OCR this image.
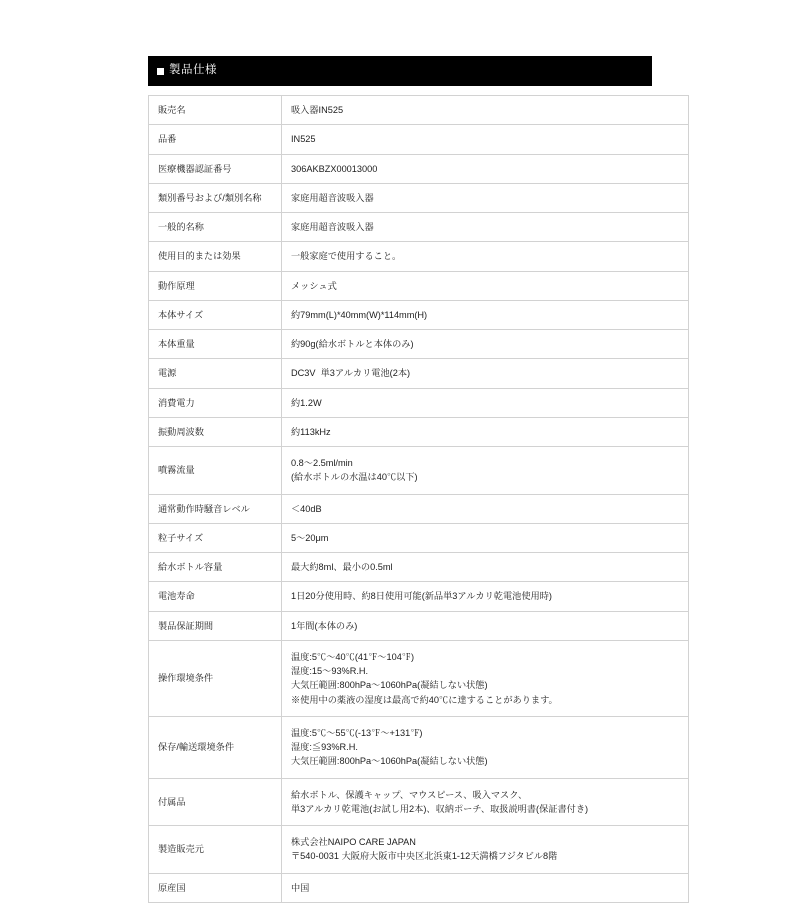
製品仕様
販売名	吸入器IN525

品番	IN525

医療機器認証番号	306AKBZX00013000

類別番号および/類別名称	家庭用超音波吸入器

一般的名称	家庭用超音波吸入器

使用目的または効果	一般家庭で使用すること。

動作原理	メッシュ式

本体サイズ	約79mm(L)*40mm(W)*114mm(H)

本体重量	約90g(給水ボトルと本体のみ)

電源	DC3V  単3アルカリ電池(2本)

消費電力	約1.2W

振動周波数	約113kHz

噴霧流量	0.8～2.5ml/min
(給水ボトルの水温は40℃以下)

通常動作時騒音レベル	＜40dB

粒子サイズ	5～20μm

給水ボトル容量	最大約8ml、最小の0.5ml

電池寿命	1日20分使用時、約8日使用可能(新品単3アルカリ乾電池使用時)

製品保証期間	1年間(本体のみ)

操作環境条件	温度:5℃～40℃(41℉～104℉)
湿度:15～93%R.H.
大気圧範囲:800hPa～1060hPa(凝結しない状態)
※使用中の薬液の湿度は最高で約40℃に達することがあります。

保存/輸送環境条件	温度:5℃～55℃(-13℉～+131℉)
湿度:≦93%R.H.
大気圧範囲:800hPa～1060hPa(凝結しない状態)

付属品	給水ボトル、保護キャップ、マウスピース、吸入マスク、
単3アルカリ乾電池(お試し用2本)、収納ポーチ、取扱説明書(保証書付き)

製造販売元	株式会社NAIPO CARE JAPAN
〒540-0031 大阪府大阪市中央区北浜東1-12天満橋フジタビル8階

原産国	中国
